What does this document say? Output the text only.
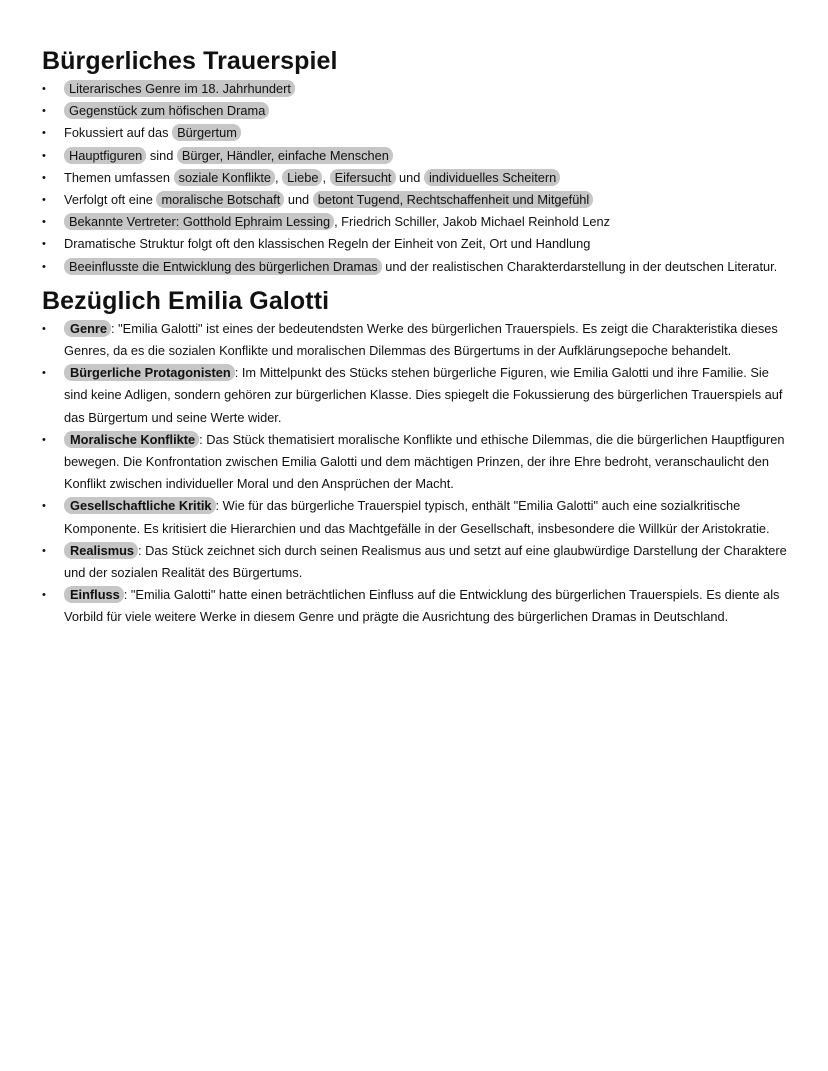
Bürgerliches Trauerspiel
• Literarisches Genre im 18. Jahrhundert
• Gegenstück zum höfischen Drama
• Fokussiert auf das Bürgertum
• Hauptfiguren sind Bürger, Händler, einfache Menschen
• Themen umfassen soziale Konflikte , Liebe , Eifersucht und individuelles Scheitern
• Verfolgt oft eine moralische Botschaft und betont Tugend, Rechtschaffenheit und Mitgefühl
• Bekannte Vertreter: Gotthold Ephraim Lessing , Friedrich Schiller, Jakob Michael Reinhold Lenz
• Dramatische Struktur folgt oft den klassischen Regeln der Einheit von Zeit, Ort und Handlung
• Beeinflusste die Entwicklung des bürgerlichen Dramas und der realistischen Charakterdarstellung in der deutschen Literatur.
Bezüglich Emilia Galotti
• Genre : "Emilia Galotti" ist eines der bedeutendsten Werke des bürgerlichen Trauerspiels. Es zeigt die Charakteristika dieses Genres, da es die sozialen Konflikte und moralischen Dilemmas des Bürgertums in der Aufklärungsepoche behandelt.
• Bürgerliche Protagonisten : Im Mittelpunkt des Stücks stehen bürgerliche Figuren, wie Emilia Galotti und ihre Familie. Sie sind keine Adligen, sondern gehören zur bürgerlichen Klasse. Dies spiegelt die Fokussierung des bürgerlichen Trauerspiels auf das Bürgertum und seine Werte wider.
• Moralische Konflikte : Das Stück thematisiert moralische Konflikte und ethische Dilemmas, die die bürgerlichen Hauptfiguren bewegen. Die Konfrontation zwischen Emilia Galotti und dem mächtigen Prinzen, der ihre Ehre bedroht, veranschaulicht den Konflikt zwischen individueller Moral und den Ansprüchen der Macht.
• Gesellschaftliche Kritik : Wie für das bürgerliche Trauerspiel typisch, enthält "Emilia Galotti" auch eine sozialkritische Komponente. Es kritisiert die Hierarchien und das Machtgefälle in der Gesellschaft, insbesondere die Willkür der Aristokratie.
• Realismus : Das Stück zeichnet sich durch seinen Realismus aus und setzt auf eine glaubwürdige Darstellung der Charaktere und der sozialen Realität des Bürgertums.
• Einfluss : "Emilia Galotti" hatte einen beträchtlichen Einfluss auf die Entwicklung des bürgerlichen Trauerspiels. Es diente als Vorbild für viele weitere Werke in diesem Genre und prägte die Ausrichtung des bürgerlichen Dramas in Deutschland.
